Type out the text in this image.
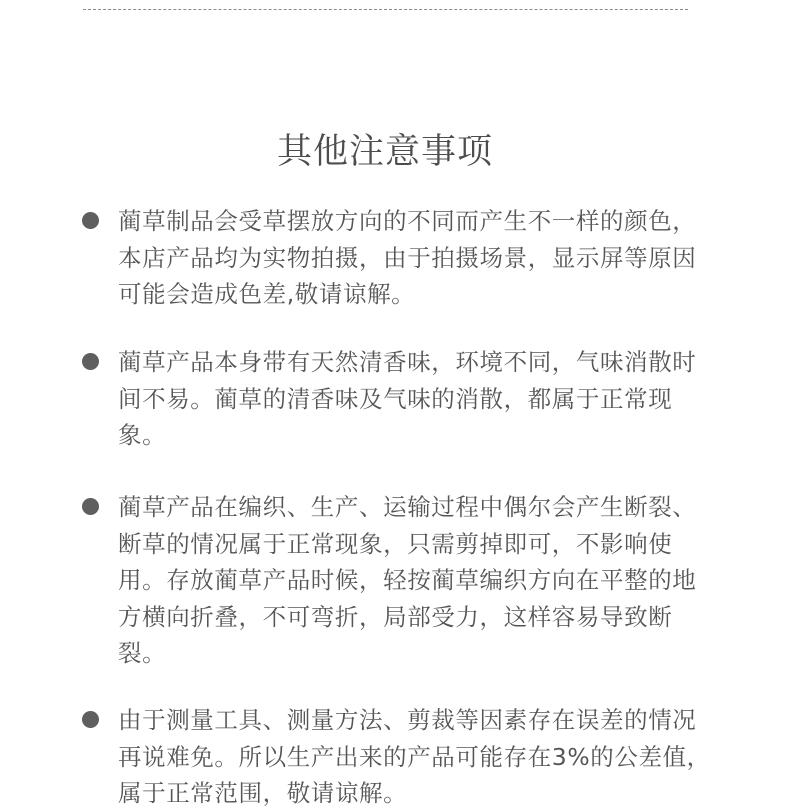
其他注意事项
蔺草制品会受草摆放方向的不同而产生不一样的颜色，本店产品均为实物拍摄，由于拍摄场景，显示屏等原因可能会造成色差,敬请谅解。
蔺草产品本身带有天然清香味，环境不同，气味消散时间不易。蔺草的清香味及气味的消散，都属于正常现象。
蔺草产品在编织、生产、运输过程中偶尔会产生断裂、断草的情况属于正常现象，只需剪掉即可，不影响使用。存放蔺草产品时候，轻按蔺草编织方向在平整的地方横向折叠，不可弯折，局部受力，这样容易导致断裂。
由于测量工具、测量方法、剪裁等因素存在误差的情况再说难免。所以生产出来的产品可能存在3%的公差值，属于正常范围，敬请谅解。
